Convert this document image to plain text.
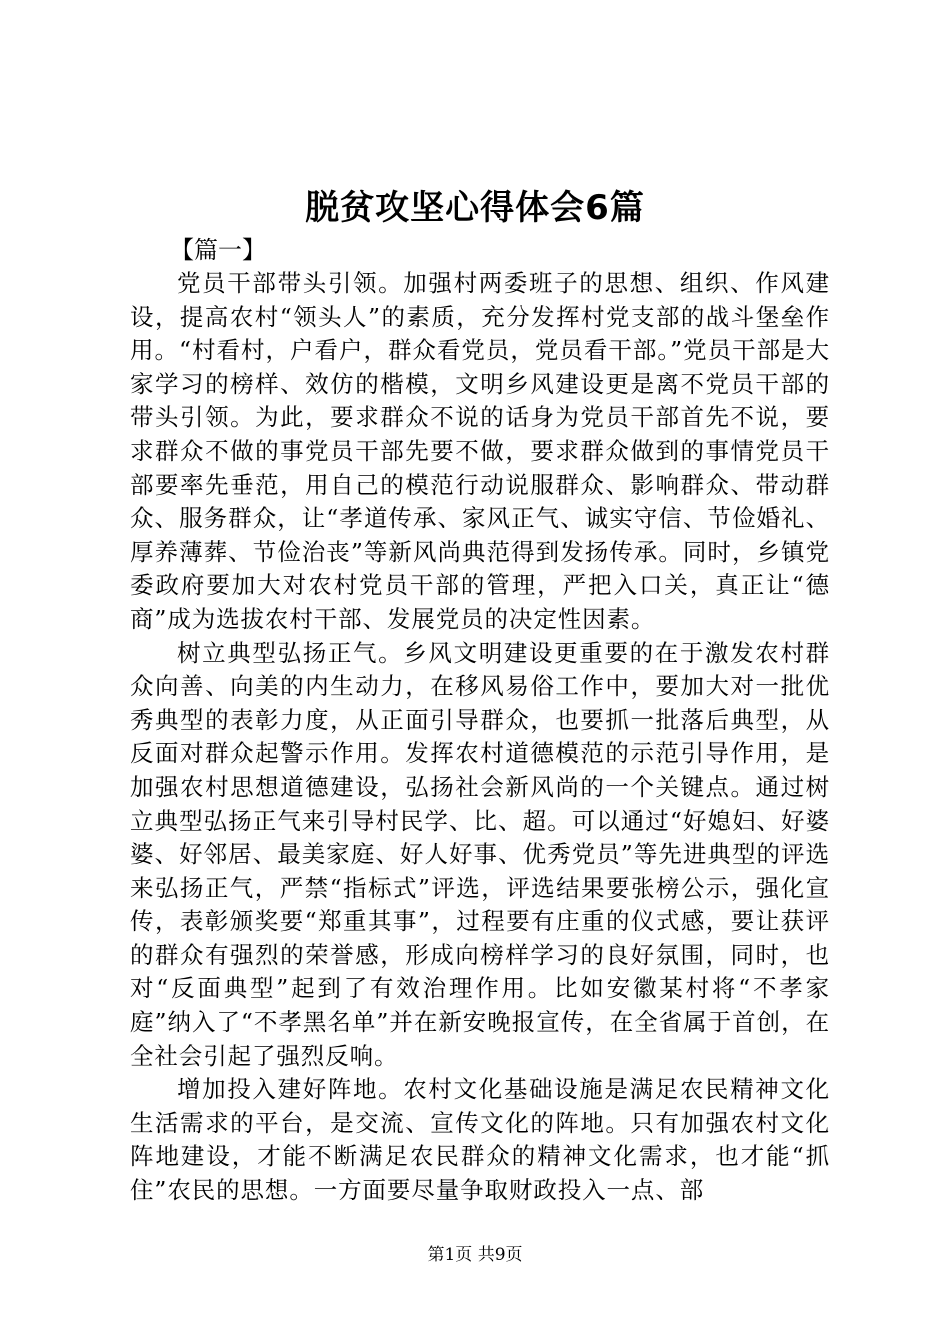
脱贫攻坚心得体会6篇
【篇一】

党员干部带头引领。加强村两委班子的思想、组织、作风建设，提高农村“领头人”的素质，充分发挥村党支部的战斗堡垒作用。“村看村，户看户，群众看党员，党员看干部。”党员干部是大家学习的榜样、效仿的楷模，文明乡风建设更是离不党员干部的带头引领。为此，要求群众不说的话身为党员干部首先不说，要求群众不做的事党员干部先要不做，要求群众做到的事情党员干部要率先垂范，用自己的模范行动说服群众、影响群众、带动群众、服务群众，让“孝道传承、家风正气、诚实守信、节俭婚礼、厚养薄葬、节俭治丧”等新风尚典范得到发扬传承。同时，乡镇党委政府要加大对农村党员干部的管理，严把入口关，真正让“德商”成为选拔农村干部、发展党员的决定性因素。

树立典型弘扬正气。乡风文明建设更重要的在于激发农村群众向善、向美的内生动力，在移风易俗工作中，要加大对一批优秀典型的表彰力度，从正面引导群众，也要抓一批落后典型，从反面对群众起警示作用。发挥农村道德模范的示范引导作用，是加强农村思想道德建设，弘扬社会新风尚的一个关键点。通过树立典型弘扬正气来引导村民学、比、超。可以通过“好媳妇、好婆婆、好邻居、最美家庭、好人好事、优秀党员”等先进典型的评选来弘扬正气，严禁“指标式”评选，评选结果要张榜公示，强化宣传，表彰颁奖要“郑重其事”，过程要有庄重的仪式感，要让获评的群众有强烈的荣誉感，形成向榜样学习的良好氛围，同时，也对“反面典型”起到了有效治理作用。比如安徽某村将“不孝家庭”纳入了“不孝黑名单”并在新安晚报宣传，在全省属于首创，在全社会引起了强烈反响。

增加投入建好阵地。农村文化基础设施是满足农民精神文化生活需求的平台，是交流、宣传文化的阵地。只有加强农村文化阵地建设，才能不断满足农民群众的精神文化需求，也才能“抓住”农民的思想。一方面要尽量争取财政投入一点、部

第1页 共9页
